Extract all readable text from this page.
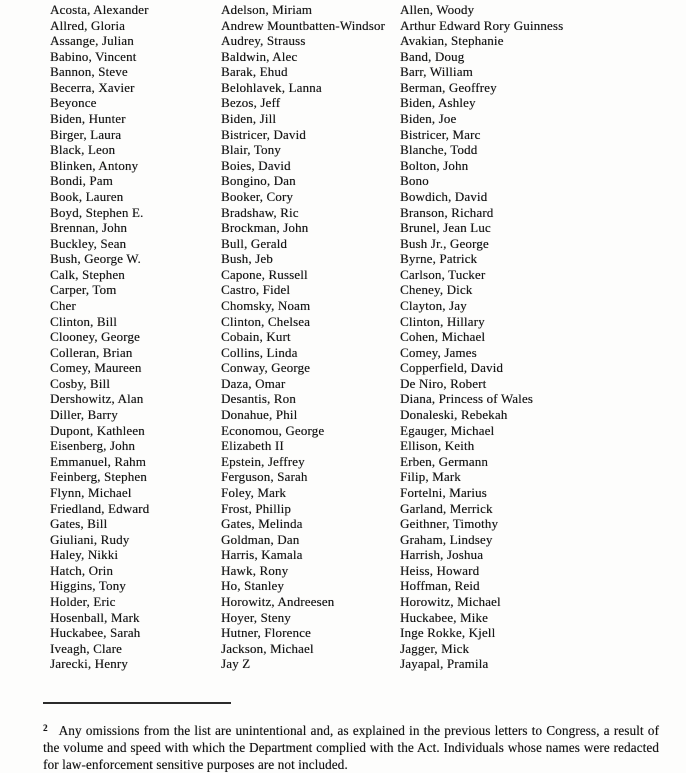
Acosta, Alexander
Allred, Gloria
Assange, Julian
Babino, Vincent
Bannon, Steve
Becerra, Xavier
Beyonce
Biden, Hunter
Birger, Laura
Black, Leon
Blinken, Antony
Bondi, Pam
Book, Lauren
Boyd, Stephen E.
Brennan, John
Buckley, Sean
Bush, George W.
Calk, Stephen
Carper, Tom
Cher
Clinton, Bill
Clooney, George
Colleran, Brian
Comey, Maureen
Cosby, Bill
Dershowitz, Alan
Diller, Barry
Dupont, Kathleen
Eisenberg, John
Emmanuel, Rahm
Feinberg, Stephen
Flynn, Michael
Friedland, Edward
Gates, Bill
Giuliani, Rudy
Haley, Nikki
Hatch, Orin
Higgins, Tony
Holder, Eric
Hosenball, Mark
Huckabee, Sarah
Iveagh, Clare
Jarecki, Henry
Adelson, Miriam
Andrew Mountbatten-Windsor
Audrey, Strauss
Baldwin, Alec
Barak, Ehud
Belohlavek, Lanna
Bezos, Jeff
Biden, Jill
Bistricer, David
Blair, Tony
Boies, David
Bongino, Dan
Booker, Cory
Bradshaw, Ric
Brockman, John
Bull, Gerald
Bush, Jeb
Capone, Russell
Castro, Fidel
Chomsky, Noam
Clinton, Chelsea
Cobain, Kurt
Collins, Linda
Conway, George
Daza, Omar
Desantis, Ron
Donahue, Phil
Economou, George
Elizabeth II
Epstein, Jeffrey
Ferguson, Sarah
Foley, Mark
Frost, Phillip
Gates, Melinda
Goldman, Dan
Harris, Kamala
Hawk, Rony
Ho, Stanley
Horowitz, Andreesen
Hoyer, Steny
Hutner, Florence
Jackson, Michael
Jay Z
Allen, Woody
Arthur Edward Rory Guinness
Avakian, Stephanie
Band, Doug
Barr, William
Berman, Geoffrey
Biden, Ashley
Biden, Joe
Bistricer, Marc
Blanche, Todd
Bolton, John
Bono
Bowdich, David
Branson, Richard
Brunel, Jean Luc
Bush Jr., George
Byrne, Patrick
Carlson, Tucker
Cheney, Dick
Clayton, Jay
Clinton, Hillary
Cohen, Michael
Comey, James
Copperfield, David
De Niro, Robert
Diana, Princess of Wales
Donaleski, Rebekah
Egauger, Michael
Ellison, Keith
Erben, Germann
Filip, Mark
Fortelni, Marius
Garland, Merrick
Geithner, Timothy
Graham, Lindsey
Harrish, Joshua
Heiss, Howard
Hoffman, Reid
Horowitz, Michael
Huckabee, Mike
Inge Rokke, Kjell
Jagger, Mick
Jayapal, Pramila

$^2$ Any omissions from the list are unintentional and, as explained in the previous letters to Congress, a result of the volume and speed with which the Department complied with the Act. Individuals whose names were redacted for law-enforcement sensitive purposes are not included.
